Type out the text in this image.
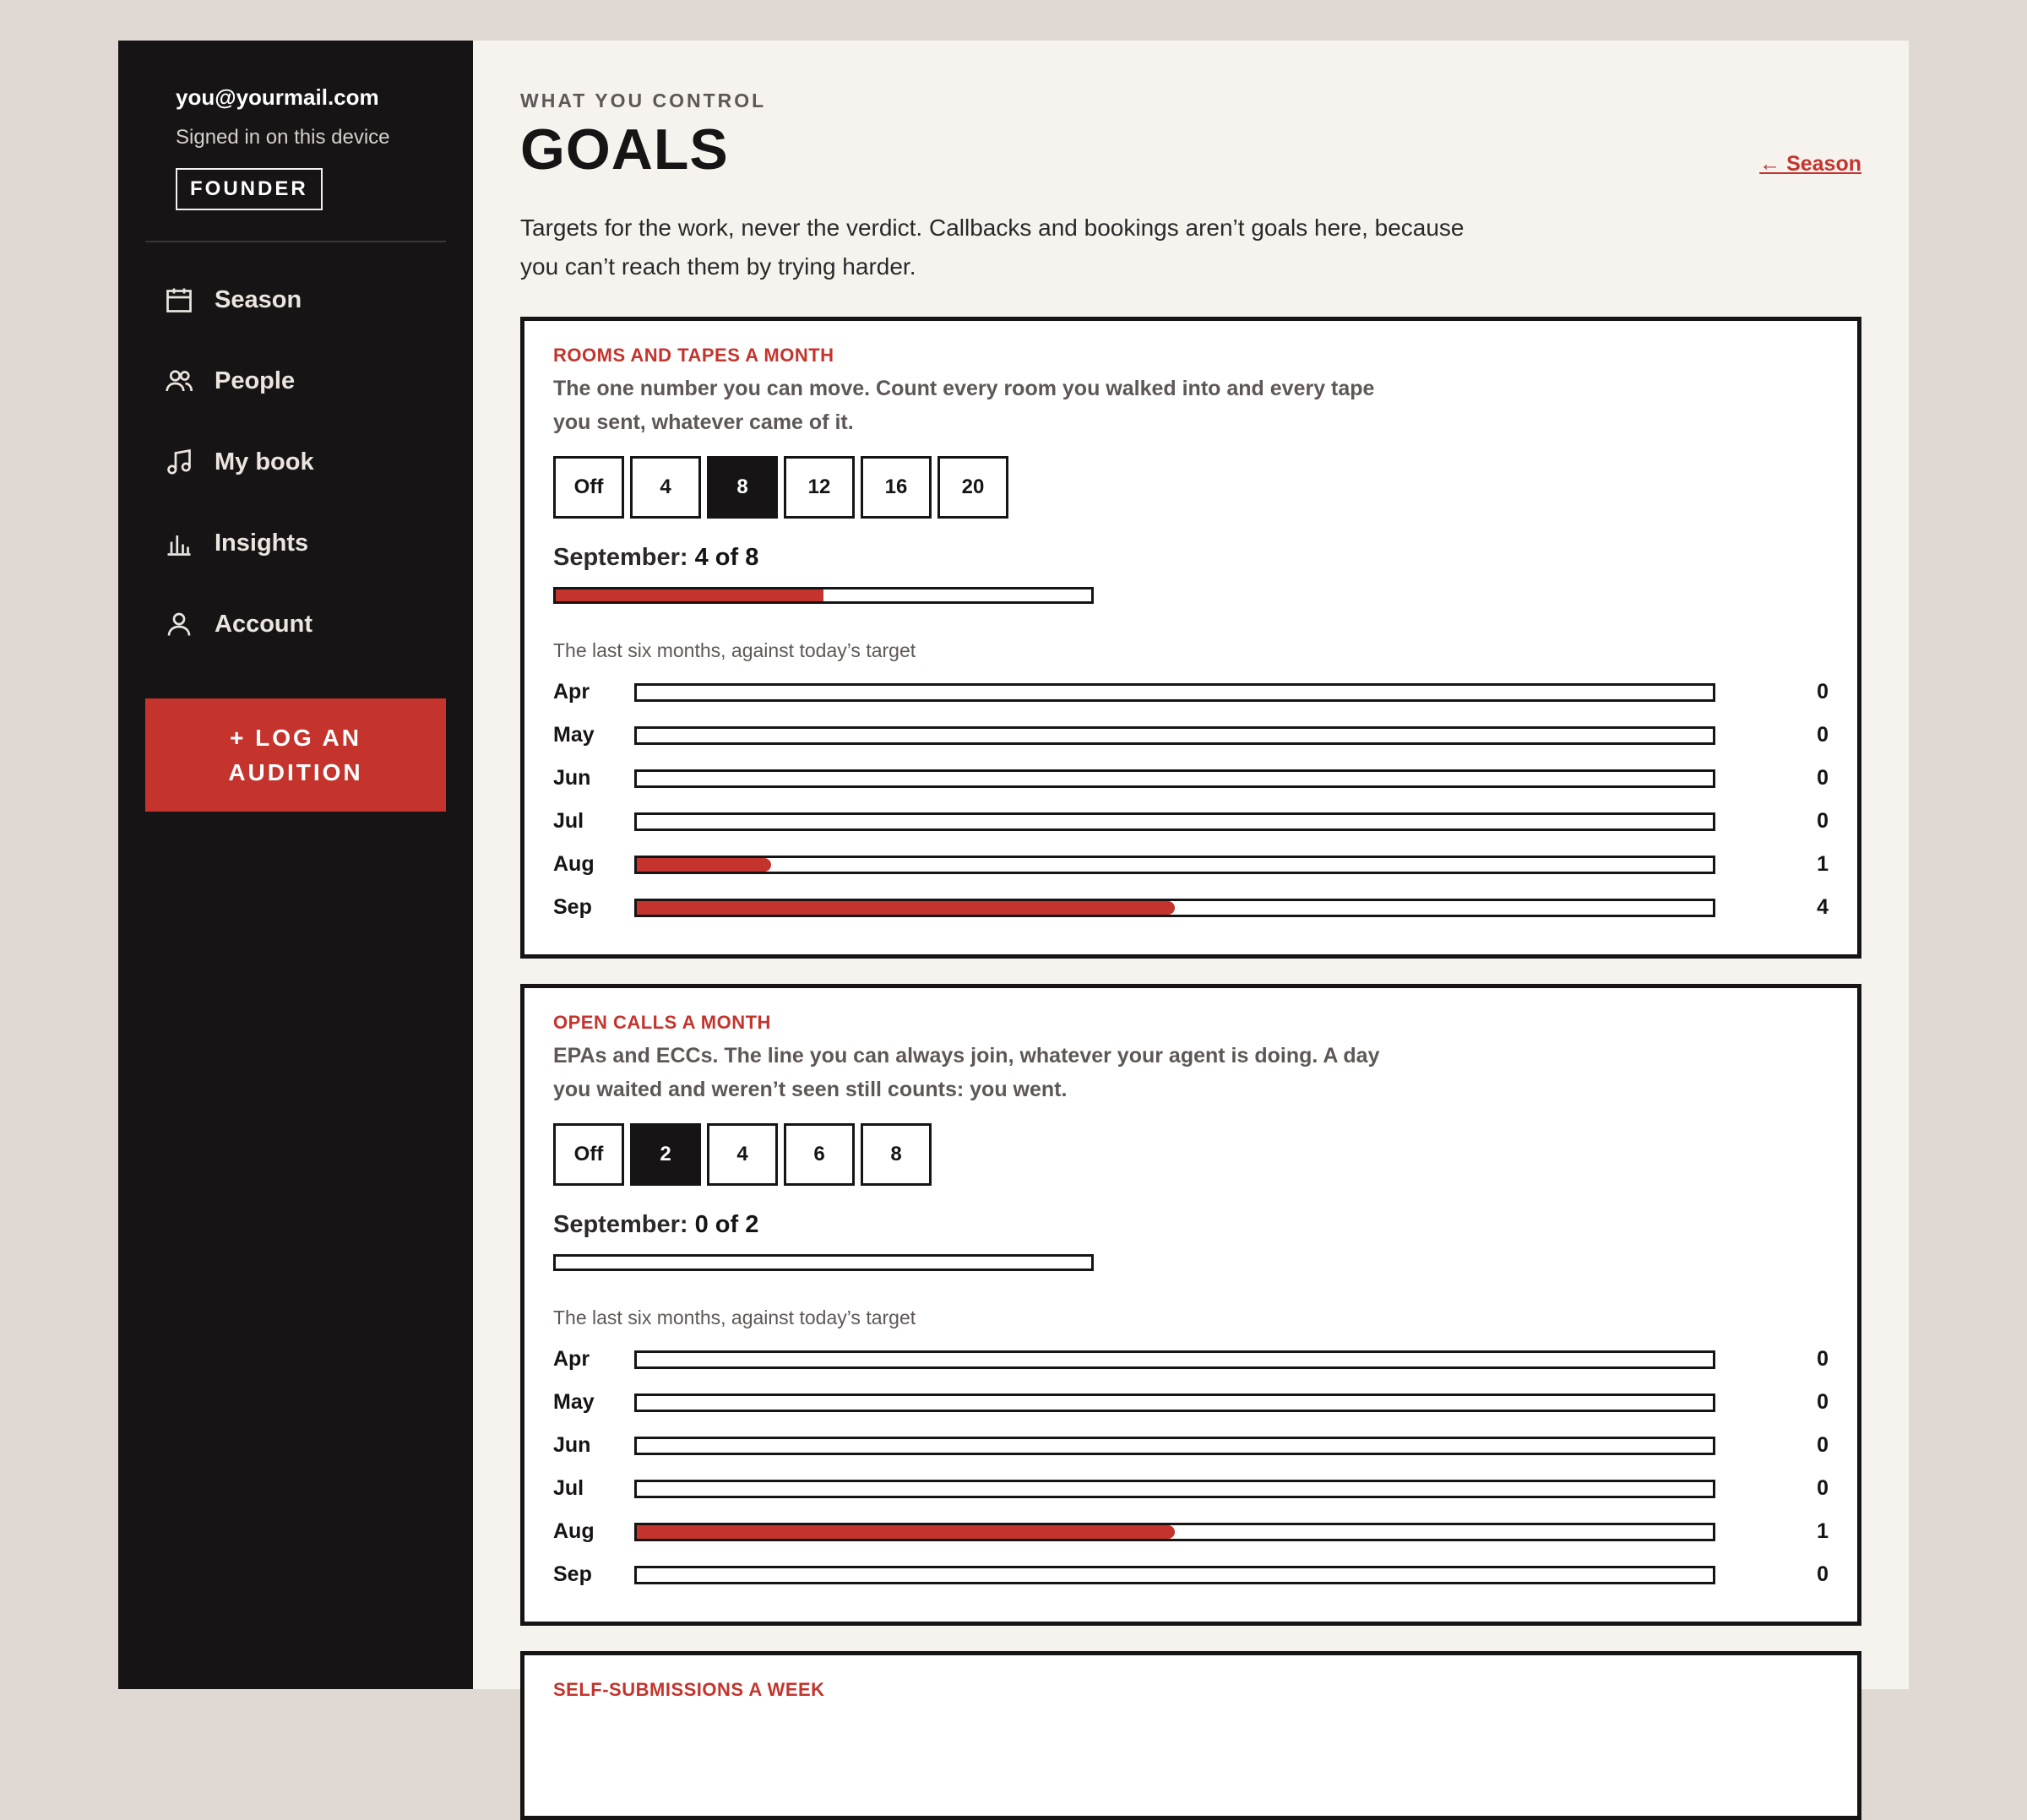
you@yourmail.com
Signed in on this device
FOUNDER
Season
People
My book
Insights
Account
+ LOG AN AUDITION
WHAT YOU CONTROL
GOALS	← Season

Targets for the work, never the verdict. Callbacks and bookings aren’t goals here, because you can’t reach them by trying harder.

ROOMS AND TAPES A MONTH
The one number you can move. Count every room you walked into and every tape you sent, whatever came of it.
Off	4	8	12	16	20
September: 4 of 8
The last six months, against today’s target
Apr	0
May	0
Jun	0
Jul	0
Aug	1
Sep	4
OPEN CALLS A MONTH
EPAs and ECCs. The line you can always join, whatever your agent is doing. A day you waited and weren’t seen still counts: you went.
Off	2	4	6	8
September: 0 of 2
The last six months, against today’s target
Apr	0
May	0
Jun	0
Jul	0
Aug	1
Sep	0
SELF-SUBMISSIONS A WEEK
